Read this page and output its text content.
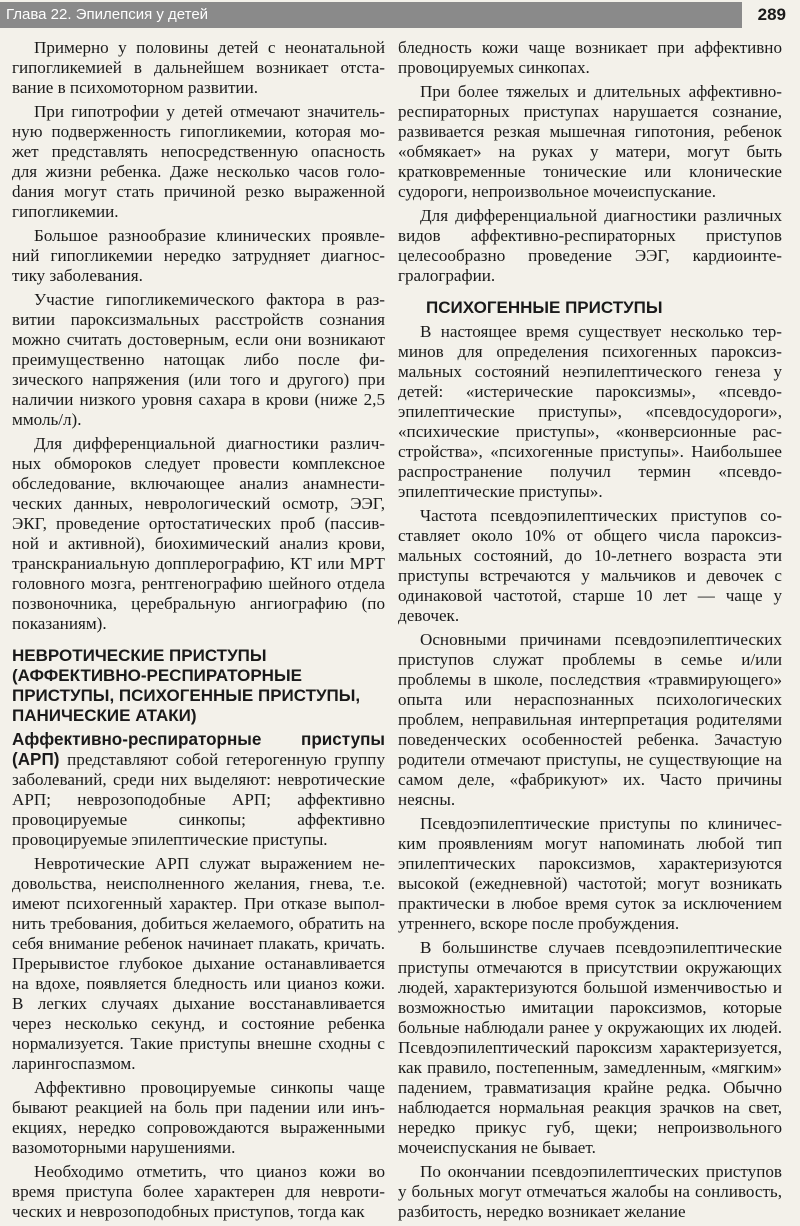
Глава 22. Эпилепсия у детей	289

Примерно у половины детей с неонатальной гипогликемией в дальнейшем возникает отставание в психомоторном развитии.

При гипотрофии у детей отмечают значительную подверженность гипогликемии, которая может представлять непосредственную опасность для жизни ребенка. Даже несколько часов голоdания могут стать причиной резко выраженной гипогликемии.

Большое разнообразие клинических проявлений гипогликемии нередко затрудняет диагностику заболевания.

Участие гипогликемического фактора в развитии пароксизмальных расстройств сознания можно считать достоверным, если они возникают преимущественно натощак либо после физического напряжения (или того и другого) при наличии низкого уровня сахара в крови (ниже 2,5 ммоль/л).

Для дифференциальной диагностики различных обмороков следует провести комплексное обследование, включающее анализ анамнестических данных, неврологический осмотр, ЭЭГ, ЭКГ, проведение ортостатических проб (пассивной и активной), биохимический анализ крови, транскраниальную допплерографию, КТ или МРТ головного мозга, рентгенографию шейного отдела позвоночника, церебральную ангиографию (по показаниям).

НЕВРОТИЧЕСКИЕ ПРИСТУПЫ (АФФЕКТИВНО-РЕСПИРАТОРНЫЕ ПРИСТУПЫ, ПСИХОГЕННЫЕ ПРИСТУПЫ, ПАНИЧЕСКИЕ АТАКИ)

Аффективно-респираторные приступы (АРП) представляют собой гетерогенную группу заболеваний, среди них выделяют: невротические АРП; неврозоподобные АРП; аффективно провоцируемые синкопы; аффективно провоцируемые эпилептические приступы.

Невротические АРП служат выражением недовольства, неисполненного желания, гнева, т.е. имеют психогенный характер. При отказе выполнить требования, добиться желаемого, обратить на себя внимание ребенок начинает плакать, кричать. Прерывистое глубокое дыхание останавливается на вдохе, появляется бледность или цианоз кожи. В легких случаях дыхание восстанавливается через несколько секунд, и состояние ребенка нормализуется. Такие приступы внешне сходны с ларингоспазмом.

Аффективно провоцируемые синкопы чаще бывают реакцией на боль при падении или инъекциях, нередко сопровождаются выраженными вазомоторными нарушениями.

Необходимо отметить, что цианоз кожи во время приступа более характерен для невротических и неврозоподобных приступов, тогда как

бледность кожи чаще возникает при аффективно провоцируемых синкопах.

При более тяжелых и длительных аффективно-респираторных приступах нарушается сознание, развивается резкая мышечная гипотония, ребенок «обмякает» на руках у матери, могут быть кратковременные тонические или клонические судороги, непроизвольное мочеиспускание.

Для дифференциальной диагностики различных видов аффективно-респираторных приступов целесообразно проведение ЭЭГ, кардиоинтегралографии.

ПСИХОГЕННЫЕ ПРИСТУПЫ

В настоящее время существует несколько терминов для определения психогенных пароксизмальных состояний неэпилептического генеза у детей: «истерические пароксизмы», «псевдоэпилептические приступы», «псевдосудороги», «психические приступы», «конверсионные расстройства», «психогенные приступы». Наибольшее распространение получил термин «псевдоэпилептические приступы».

Частота псевдоэпилептических приступов составляет около 10% от общего числа пароксизмальных состояний, до 10-летнего возраста эти приступы встречаются у мальчиков и девочек с одинаковой частотой, старше 10 лет — чаще у девочек.

Основными причинами псевдоэпилептических приступов служат проблемы в семье и/или проблемы в школе, последствия «травмирующего» опыта или нераспознанных психологических проблем, неправильная интерпретация родителями поведенческих особенностей ребенка. Зачастую родители отмечают приступы, не существующие на самом деле, «фабрикуют» их. Часто причины неясны.

Псевдоэпилептические приступы по клиническим проявлениям могут напоминать любой тип эпилептических пароксизмов, характеризуются высокой (ежедневной) частотой; могут возникать практически в любое время суток за исключением утреннего, вскоре после пробуждения.

В большинстве случаев псевдоэпилептические приступы отмечаются в присутствии окружающих людей, характеризуются большой изменчивостью и возможностью имитации пароксизмов, которые больные наблюдали ранее у окружающих их людей. Псевдоэпилептический пароксизм характеризуется, как правило, постепенным, замедленным, «мягким» падением, травматизация крайне редка. Обычно наблюдается нормальная реакция зрачков на свет, нередко прикус губ, щеки; непроизвольного мочеиспускания не бывает.

По окончании псевдоэпилептических приступов у больных могут отмечаться жалобы на сонливость, разбитость, нередко возникает желание
